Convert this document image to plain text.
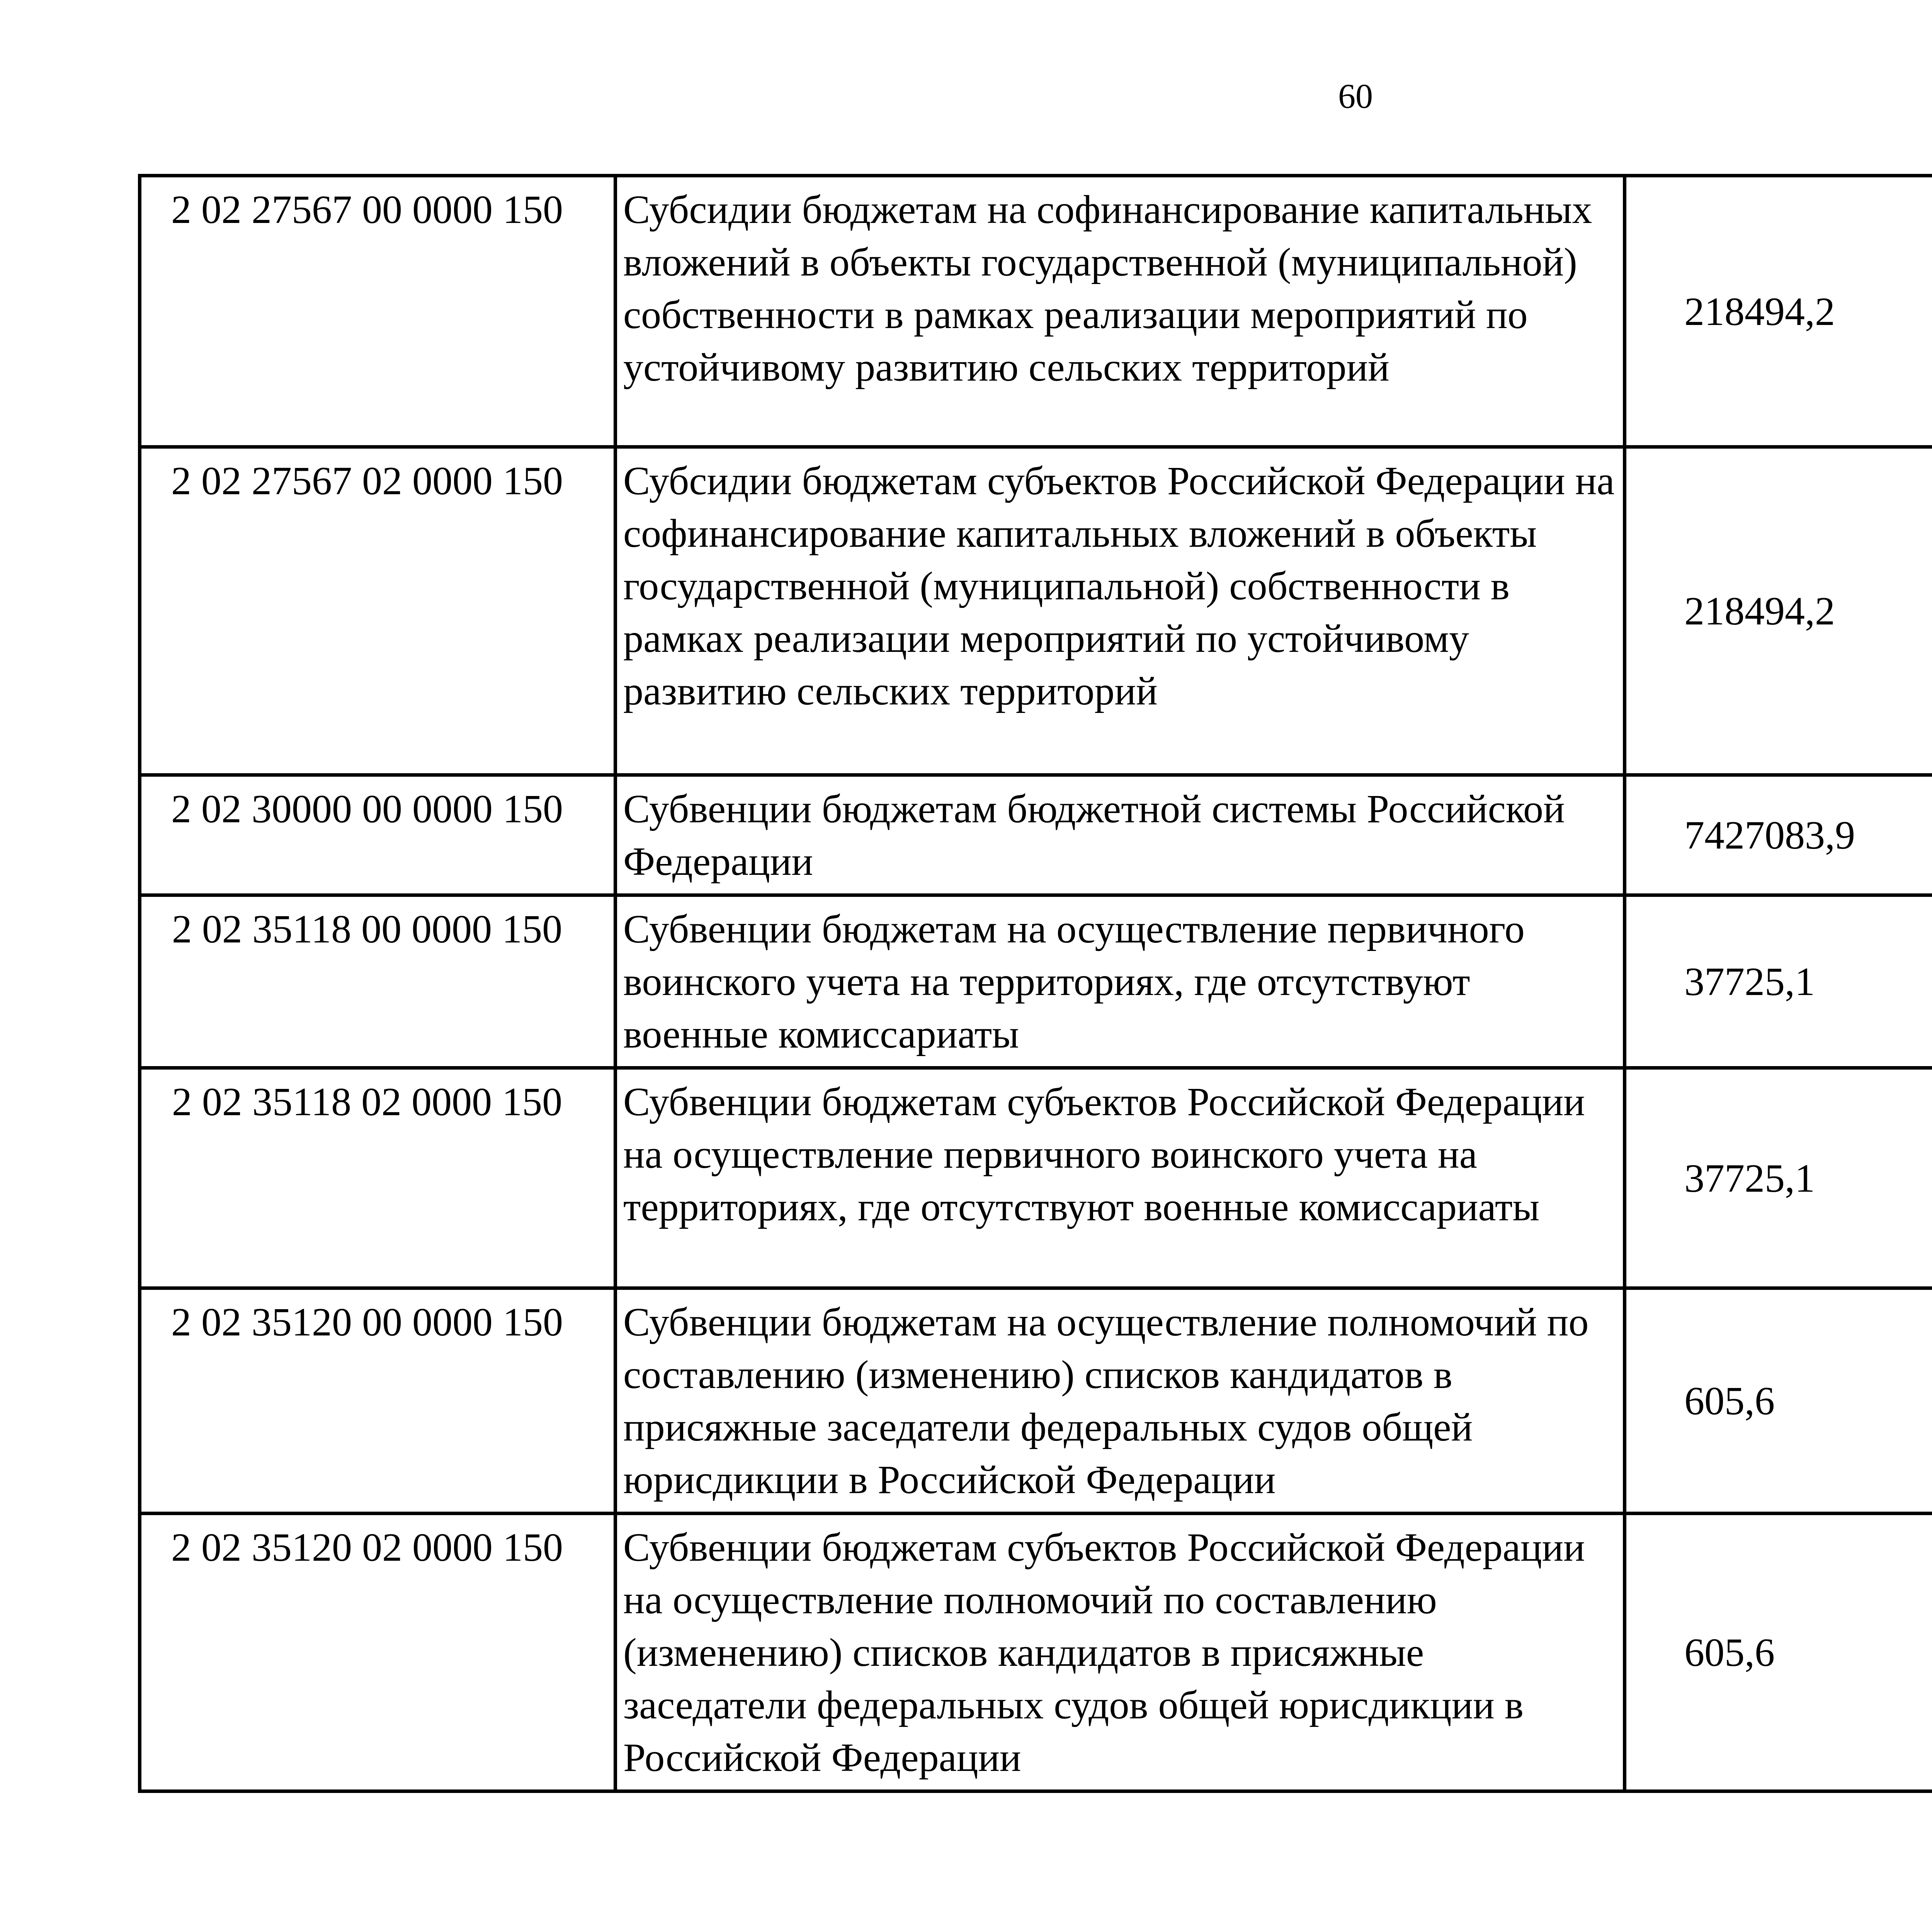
60
2 02 27567 00 0000 150	Субсидии бюджетам на софинансирование капитальных вложений в объекты государственной (муниципальной) собственности в рамках реализации мероприятий по устойчивому развитию сельских территорий	218494,2		
2 02 27567 02 0000 150	Субсидии бюджетам субъектов Российской Федерации на софинансирование капитальных вложений в объекты государственной (муниципальной) собственности в рамках реализации мероприятий по устойчивому развитию сельских территорий	218494,2		
2 02 30000 00 0000 150	Субвенции бюджетам бюджетной системы Российской Федерации	7427083,9		
2 02 35118 00 0000 150	Субвенции бюджетам на осуществление первичного воинского учета на территориях, где отсутствуют военные комиссариаты	37725,1		
2 02 35118 02 0000 150	Субвенции бюджетам субъектов Российской Федерации на осуществление первичного воинского учета на территориях, где отсутствуют военные комиссариаты	37725,1		
2 02 35120 00 0000 150	Субвенции бюджетам на осуществление полномочий по составлению (изменению) списков кандидатов в присяжные заседатели федеральных судов общей юрисдикции в Российской Федерации	605,6		
2 02 35120 02 0000 150	Субвенции бюджетам субъектов Российской Федерации на осуществление полномочий по составлению (изменению) списков кандидатов в присяжные заседатели федеральных судов общей юрисдикции в Российской Федерации	605,6		
